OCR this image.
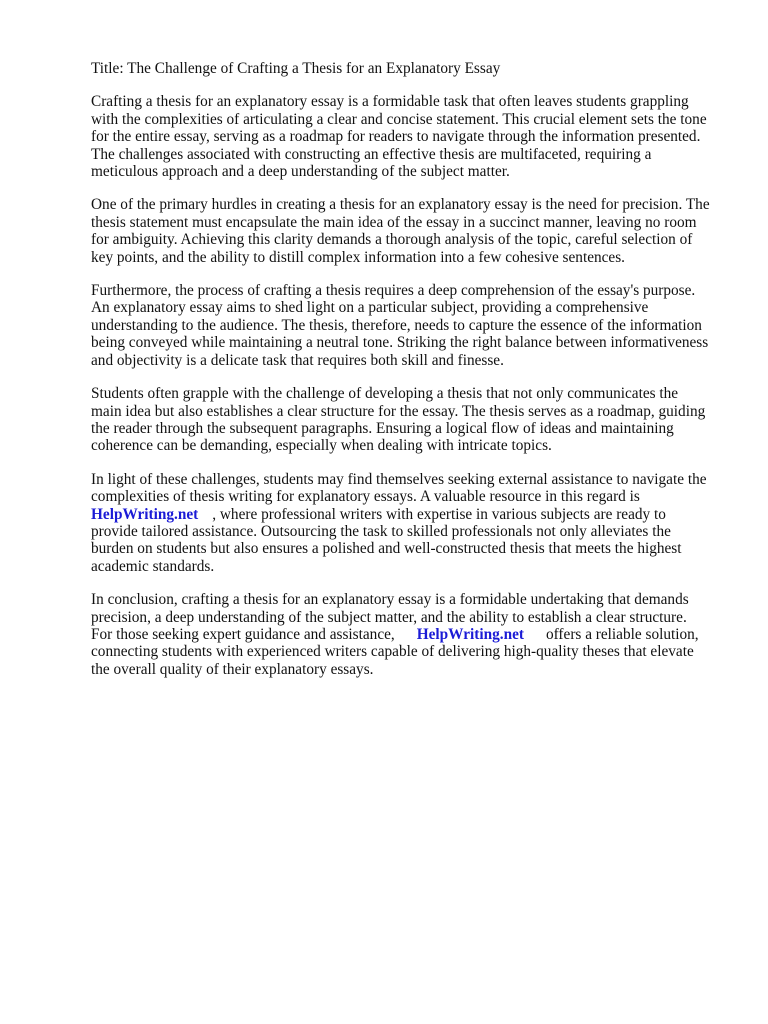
Title: The Challenge of Crafting a Thesis for an Explanatory Essay
Crafting a thesis for an explanatory essay is a formidable task that often leaves students grappling
with the complexities of articulating a clear and concise statement. This crucial element sets the tone
for the entire essay, serving as a roadmap for readers to navigate through the information presented.
The challenges associated with constructing an effective thesis are multifaceted, requiring a
meticulous approach and a deep understanding of the subject matter.
One of the primary hurdles in creating a thesis for an explanatory essay is the need for precision. The
thesis statement must encapsulate the main idea of the essay in a succinct manner, leaving no room
for ambiguity. Achieving this clarity demands a thorough analysis of the topic, careful selection of
key points, and the ability to distill complex information into a few cohesive sentences.
Furthermore, the process of crafting a thesis requires a deep comprehension of the essay's purpose.
An explanatory essay aims to shed light on a particular subject, providing a comprehensive
understanding to the audience. The thesis, therefore, needs to capture the essence of the information
being conveyed while maintaining a neutral tone. Striking the right balance between informativeness
and objectivity is a delicate task that requires both skill and finesse.
Students often grapple with the challenge of developing a thesis that not only communicates the
main idea but also establishes a clear structure for the essay. The thesis serves as a roadmap, guiding
the reader through the subsequent paragraphs. Ensuring a logical flow of ideas and maintaining
coherence can be demanding, especially when dealing with intricate topics.
In light of these challenges, students may find themselves seeking external assistance to navigate the
complexities of thesis writing for explanatory essays. A valuable resource in this regard is
HelpWriting.net , where professional writers with expertise in various subjects are ready to
provide tailored assistance. Outsourcing the task to skilled professionals not only alleviates the
burden on students but also ensures a polished and well-constructed thesis that meets the highest
academic standards.
In conclusion, crafting a thesis for an explanatory essay is a formidable undertaking that demands
precision, a deep understanding of the subject matter, and the ability to establish a clear structure.
For those seeking expert guidance and assistance, HelpWriting.net offers a reliable solution,
connecting students with experienced writers capable of delivering high-quality theses that elevate
the overall quality of their explanatory essays.
